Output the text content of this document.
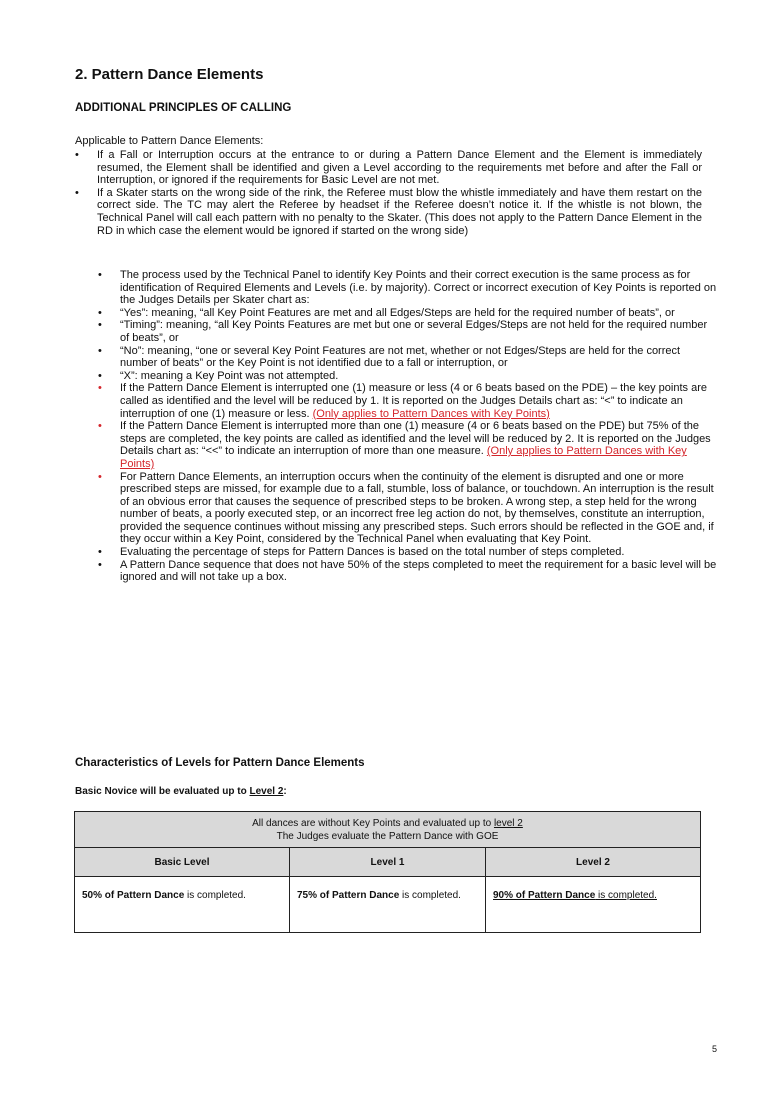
2. Pattern Dance Elements
ADDITIONAL PRINCIPLES OF CALLING

Applicable to Pattern Dance Elements:

• If a Fall or Interruption occurs at the entrance to or during a Pattern Dance Element and the Element is immediately resumed, the Element shall be identified and given a Level according to the requirements met before and after the Fall or Interruption, or ignored if the requirements for Basic Level are not met.
• If a Skater starts on the wrong side of the rink, the Referee must blow the whistle immediately and have them restart on the correct side. The TC may alert the Referee by headset if the Referee doesn’t notice it. If the whistle is not blown, the Technical Panel will call each pattern with no penalty to the Skater. (This does not apply to the Pattern Dance Element in the RD in which case the element would be ignored if started on the wrong side)
• The process used by the Technical Panel to identify Key Points and their correct execution is the same process as for identification of Required Elements and Levels (i.e. by majority). Correct or incorrect execution of Key Points is reported on the Judges Details per Skater chart as:
• “Yes”: meaning, “all Key Point Features are met and all Edges/Steps are held for the required number of beats”, or
• “Timing”: meaning, “all Key Points Features are met but one or several Edges/Steps are not held for the required number of beats”, or
• “No”: meaning, “one or several Key Point Features are not met, whether or not Edges/Steps are held for the correct number of beats” or the Key Point is not identified due to a fall or interruption, or
• “X”: meaning a Key Point was not attempted.
• If the Pattern Dance Element is interrupted one (1) measure or less (4 or 6 beats based on the PDE) – the key points are called as identified and the level will be reduced by 1. It is reported on the Judges Details chart as: “<” to indicate an interruption of one (1) measure or less. (Only applies to Pattern Dances with Key Points)
• If the Pattern Dance Element is interrupted more than one (1) measure (4 or 6 beats based on the PDE) but 75% of the steps are completed, the key points are called as identified and the level will be reduced by 2. It is reported on the Judges Details chart as: “<<” to indicate an interruption of more than one measure. (Only applies to Pattern Dances with Key Points)
• For Pattern Dance Elements, an interruption occurs when the continuity of the element is disrupted and one or more prescribed steps are missed, for example due to a fall, stumble, loss of balance, or touchdown. An interruption is the result of an obvious error that causes the sequence of prescribed steps to be broken. A wrong step, a step held for the wrong number of beats, a poorly executed step, or an incorrect free leg action do not, by themselves, constitute an interruption, provided the sequence continues without missing any prescribed steps. Such errors should be reflected in the GOE and, if they occur within a Key Point, considered by the Technical Panel when evaluating that Key Point.
• Evaluating the percentage of steps for Pattern Dances is based on the total number of steps completed.
• A Pattern Dance sequence that does not have 50% of the steps completed to meet the requirement for a basic level will be ignored and will not take up a box.
Characteristics of Levels for Pattern Dance Elements

Basic Novice will be evaluated up to Level 2:

All dances are without Key Points and evaluated up to level 2
The Judges evaluate the Pattern Dance with GOE		
Basic Level	Level 1	Level 2
50% of Pattern Dance is completed.	75% of Pattern Dance is completed.	90% of Pattern Dance is completed.

5
